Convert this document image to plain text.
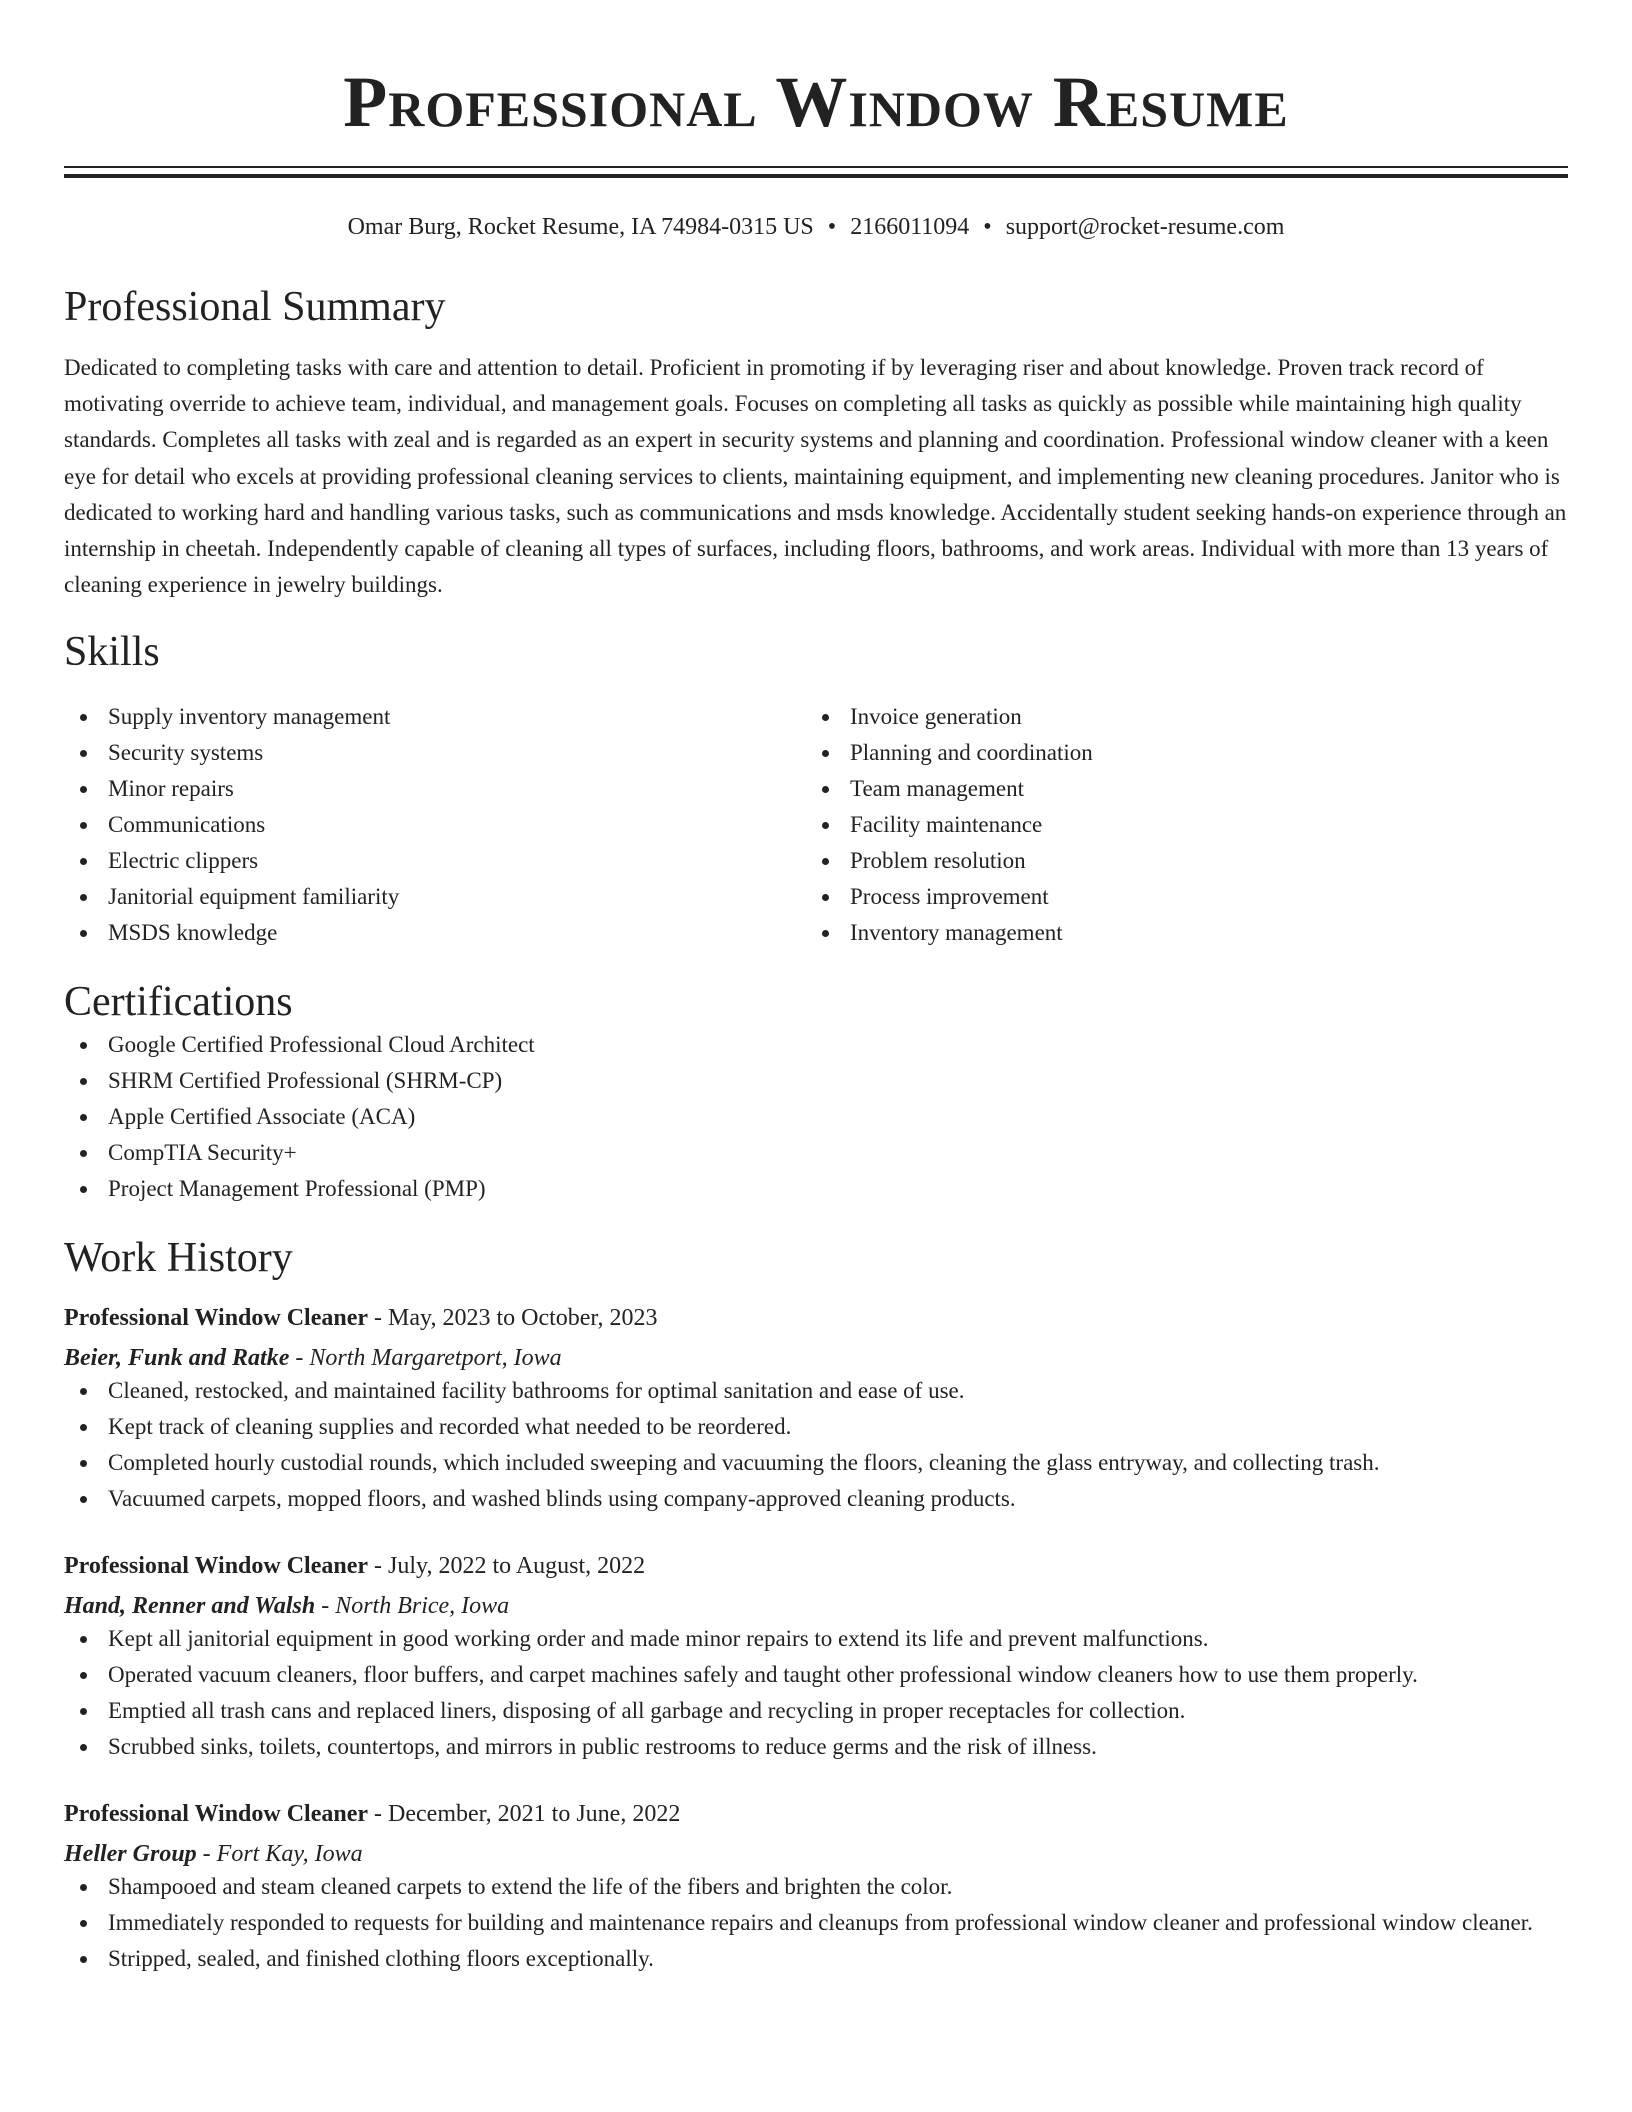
Professional Window Resume
Omar Burg, Rocket Resume, IA 74984-0315 US • 2166011094 • support@rocket-resume.com
Professional Summary
Dedicated to completing tasks with care and attention to detail. Proficient in promoting if by leveraging riser and about knowledge. Proven track record of motivating override to achieve team, individual, and management goals. Focuses on completing all tasks as quickly as possible while maintaining high quality standards. Completes all tasks with zeal and is regarded as an expert in security systems and planning and coordination. Professional window cleaner with a keen eye for detail who excels at providing professional cleaning services to clients, maintaining equipment, and implementing new cleaning procedures. Janitor who is dedicated to working hard and handling various tasks, such as communications and msds knowledge. Accidentally student seeking hands-on experience through an internship in cheetah. Independently capable of cleaning all types of surfaces, including floors, bathrooms, and work areas. Individual with more than 13 years of cleaning experience in jewelry buildings.
Skills
Supply inventory management
Security systems
Minor repairs
Communications
Electric clippers
Janitorial equipment familiarity
MSDS knowledge
Invoice generation
Planning and coordination
Team management
Facility maintenance
Problem resolution
Process improvement
Inventory management
Certifications
Google Certified Professional Cloud Architect
SHRM Certified Professional (SHRM-CP)
Apple Certified Associate (ACA)
CompTIA Security+
Project Management Professional (PMP)
Work History
Professional Window Cleaner - May, 2023 to October, 2023
Beier, Funk and Ratke - North Margaretport, Iowa
Cleaned, restocked, and maintained facility bathrooms for optimal sanitation and ease of use.
Kept track of cleaning supplies and recorded what needed to be reordered.
Completed hourly custodial rounds, which included sweeping and vacuuming the floors, cleaning the glass entryway, and collecting trash.
Vacuumed carpets, mopped floors, and washed blinds using company-approved cleaning products.
Professional Window Cleaner - July, 2022 to August, 2022
Hand, Renner and Walsh - North Brice, Iowa
Kept all janitorial equipment in good working order and made minor repairs to extend its life and prevent malfunctions.
Operated vacuum cleaners, floor buffers, and carpet machines safely and taught other professional window cleaners how to use them properly.
Emptied all trash cans and replaced liners, disposing of all garbage and recycling in proper receptacles for collection.
Scrubbed sinks, toilets, countertops, and mirrors in public restrooms to reduce germs and the risk of illness.
Professional Window Cleaner - December, 2021 to June, 2022
Heller Group - Fort Kay, Iowa
Shampooed and steam cleaned carpets to extend the life of the fibers and brighten the color.
Immediately responded to requests for building and maintenance repairs and cleanups from professional window cleaner and professional window cleaner.
Stripped, sealed, and finished clothing floors exceptionally.
